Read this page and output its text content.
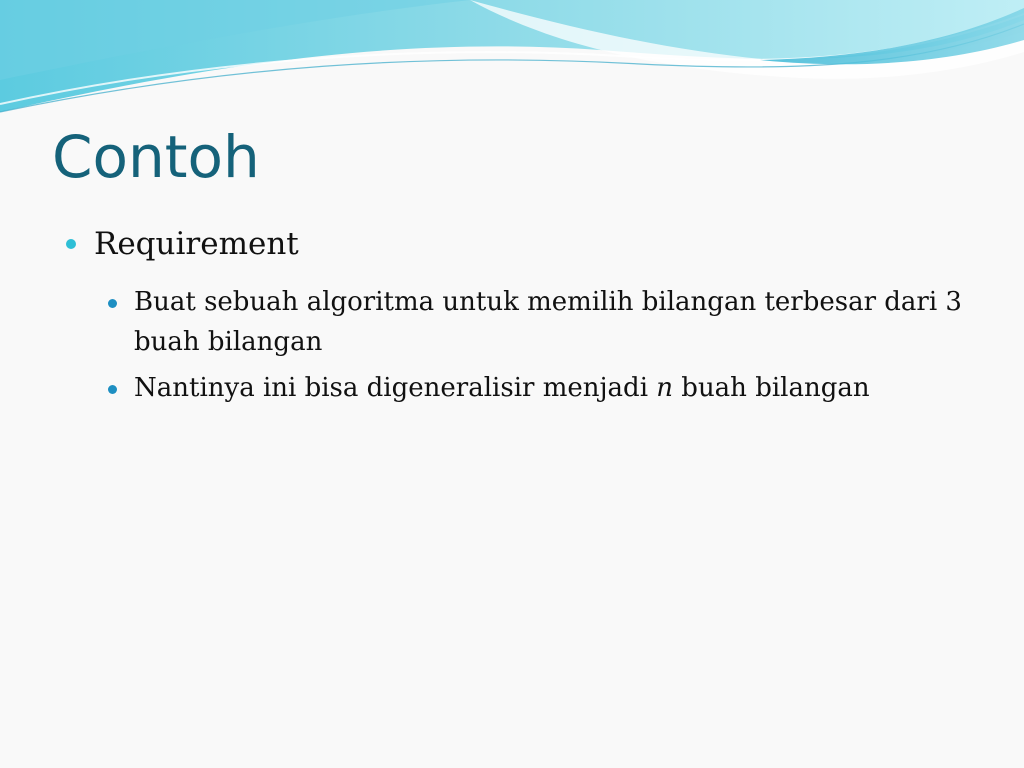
Contoh
Requirement
Buat sebuah algoritma untuk memilih bilangan terbesar dari 3 buah bilangan
Nantinya ini bisa digeneralisir menjadi n buah bilangan
